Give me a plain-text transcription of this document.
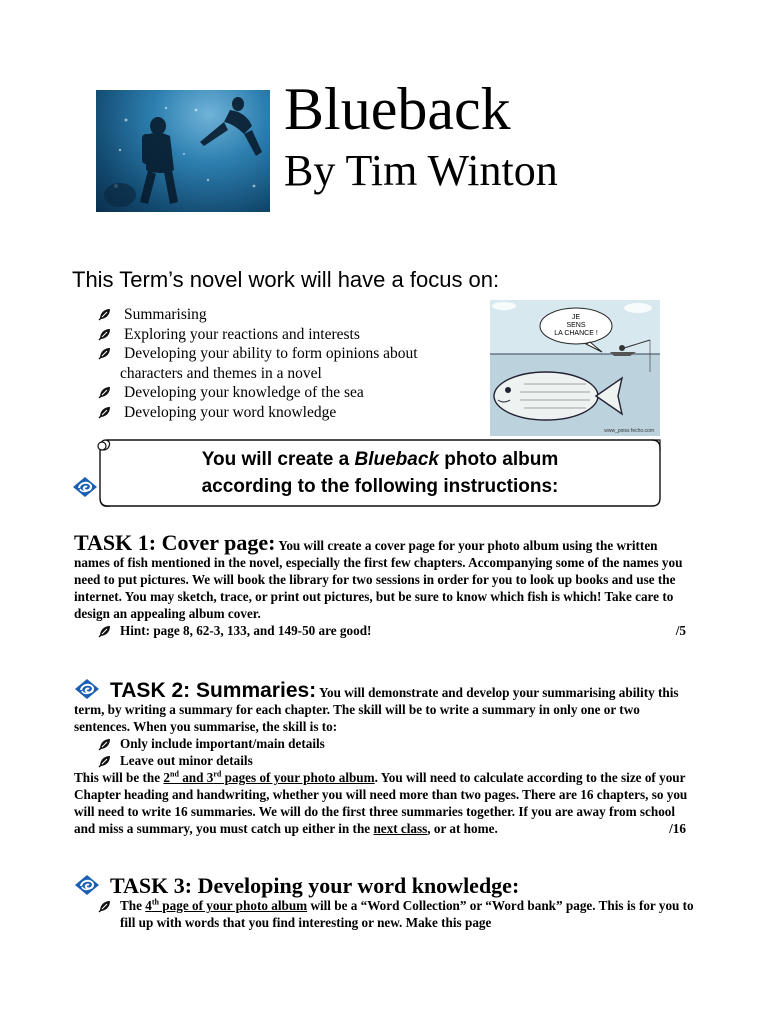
Blueback
By Tim Winton
This Term’s novel work will have a focus on:
Summarising
Exploring your reactions and interests
Developing your ability to form opinions about
characters and themes in a novel
Developing your knowledge of the sea
Developing your word knowledge
JE
SENS
LA CHANCE !
www_poiss fecho.com
You will create a Blueback photo album
according to the following instructions:
TASK 1: Cover page: You will create a cover page for your photo album using the written names of fish mentioned in the novel, especially the first few chapters. Accompanying some of the names you need to put pictures. We will book the library for two sessions in order for you to look up books and use the internet. You may sketch, trace, or print out pictures, but be sure to know which fish is which! Take care to design an appealing album cover.
Hint: page 8, 62-3, 133, and 149-50 are good!	/5
TASK 2: Summaries: You will demonstrate and develop your summarising ability this term, by writing a summary for each chapter. The skill will be to write a summary in only one or two sentences. When you summarise, the skill is to:
Only include important/main details
Leave out minor details
This will be the 2nd and 3rd pages of your photo album. You will need to calculate according to the size of your Chapter heading and handwriting, whether you will need more than two pages. There are 16 chapters, so you will need to write 16 summaries. We will do the first three summaries together. If you are away from school and miss a summary, you must catch up either in the next class, or at home.	/16
TASK 3: Developing your word knowledge:
The 4th page of your photo album will be a “Word Collection” or “Word bank” page. This is for you to fill up with words that you find interesting or new. Make this page
